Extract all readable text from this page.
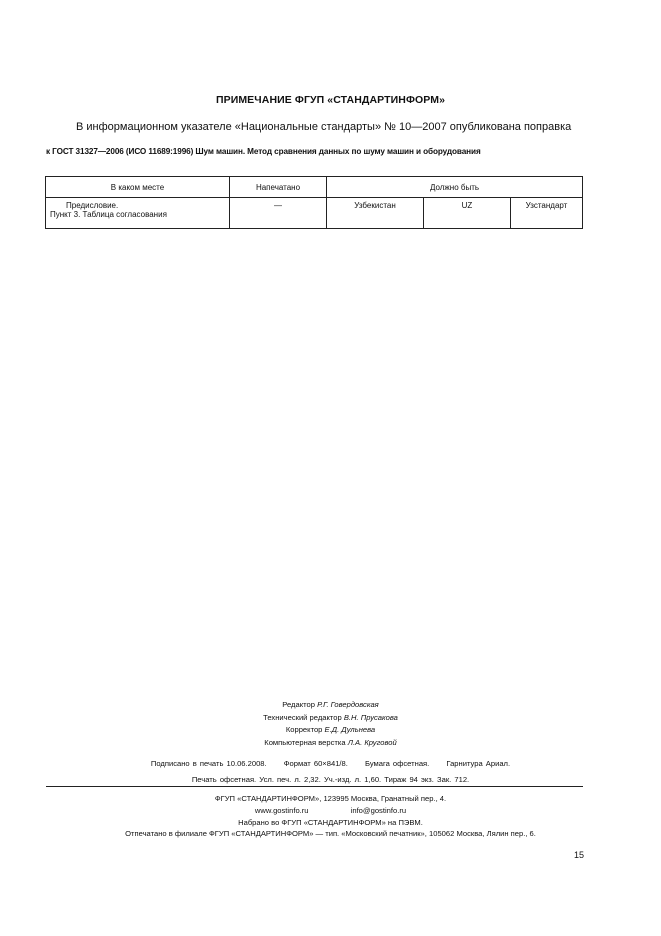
ПРИМЕЧАНИЕ ФГУП «СТАНДАРТИНФОРМ»
В информационном указателе «Национальные стандарты» № 10—2007 опубликована поправка
к ГОСТ 31327—2006 (ИСО 11689:1996) Шум машин. Метод сравнения данных по шуму машин и оборудования
В каком месте	Напечатано	Должно быть		

Предисловие.
Пункт 3. Таблица согласования	—	Узбекистан	UZ	Узстандарт
Редактор Р.Г. Говердовская
Технический редактор В.Н. Прусакова
Корректор Е.Д. Дульнева
Компьютерная верстка Л.А. Круговой
Подписано в печать 10.06.2008. Формат 60×841/8. Бумага офсетная. Гарнитура Ариал.
Печать офсетная. Усл. печ. л. 2,32. Уч.-изд. л. 1,60. Тираж 94 экз. Зак. 712.
ФГУП «СТАНДАРТИНФОРМ», 123995 Москва, Гранатный пер., 4.
www.gostinfo.ru	info@gostinfo.ru
Набрано во ФГУП «СТАНДАРТИНФОРМ» на ПЭВМ.
Отпечатано в филиале ФГУП «СТАНДАРТИНФОРМ» — тип. «Московский печатник», 105062 Москва, Лялин пер., 6.
15
